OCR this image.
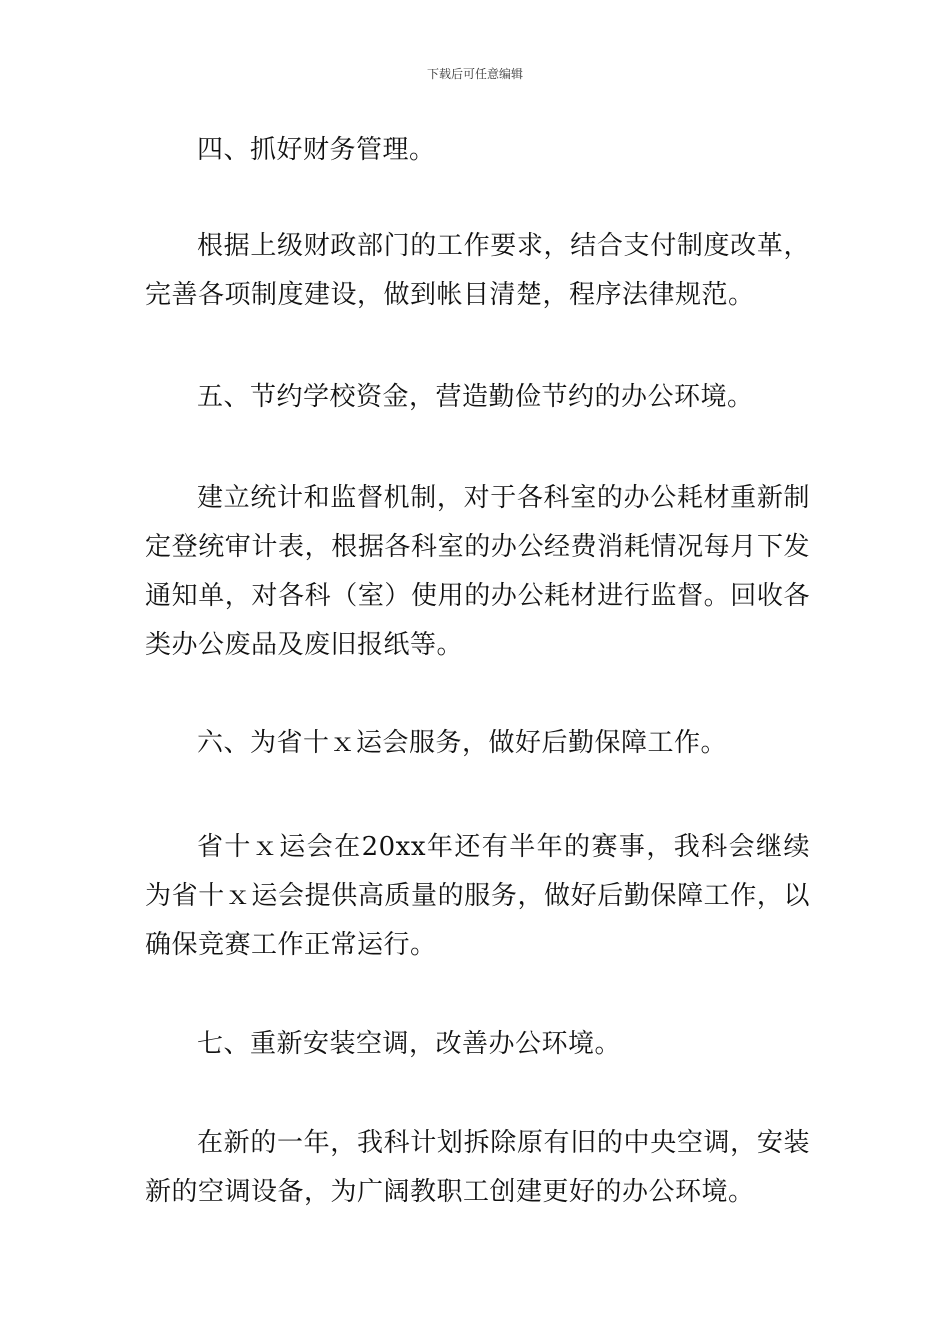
下载后可任意编辑

四、抓好财务管理。

根据上级财政部门的工作要求，结合支付制度改革，完善各项制度建设，做到帐目清楚，程序法律规范。

五、节约学校资金，营造勤俭节约的办公环境。

建立统计和监督机制，对于各科室的办公耗材重新制定登统审计表，根据各科室的办公经费消耗情况每月下发通知单，对各科（室）使用的办公耗材进行监督。回收各类办公废品及废旧报纸等。

六、为省十ｘ运会服务，做好后勤保障工作。

省十ｘ运会在20xx年还有半年的赛事，我科会继续为省十ｘ运会提供高质量的服务，做好后勤保障工作，以确保竞赛工作正常运行。

七、重新安装空调，改善办公环境。

在新的一年，我科计划拆除原有旧的中央空调，安装新的空调设备，为广阔教职工创建更好的办公环境。
